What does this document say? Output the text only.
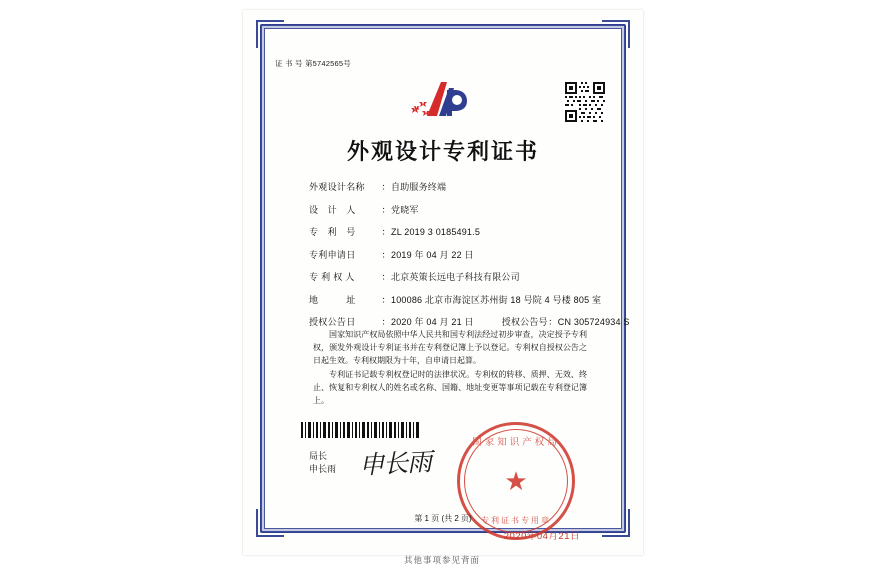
证 书 号 第5742565号
外观设计专利证书
外观设计名称	： 自助服务终端
设　计　人	： 党晓军
专　利　号	： ZL 2019 3 0185491.5
专利申请日	： 2019 年 04 月 22 日
专 利 权 人	： 北京英策长远电子科技有限公司
地　　　址	： 100086 北京市海淀区苏州街 18 号院 4 号楼 805 室
授权公告日	： 2020 年 04 月 21 日	授权公告号 ： CN 305724934 S

国家知识产权局依照中华人民共和国专利法经过初步审查，决定授予专利权，颁发外观设计专利证书并在专利登记簿上予以登记。专利权自授权公告之日起生效。专利权期限为十年，自申请日起算。

专利证书记载专利权登记时的法律状况。专利权的转移、质押、无效、终止、恢复和专利权人的姓名或名称、国籍、地址变更等事项记载在专利登记簿上。

局长
申长雨 申长雨
国家知识产权局
★
专利证书专用章
2020年04月21日
第 1 页 (共 2 页)
其他事项参见背面
